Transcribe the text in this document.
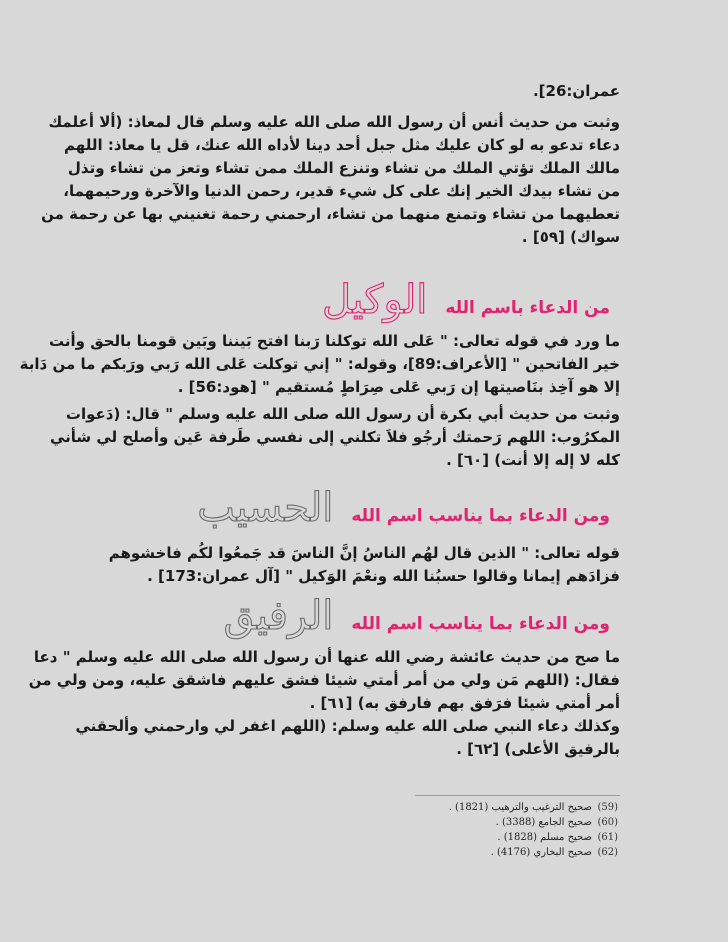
عمران:26].
وثبت من حديث أنس أن رسول الله صلى الله عليه وسلم قال لمعاذ: (ألا أعلمك
دعاء تدعو به لو كان عليك مثل جبل أحد دينا لأداه الله عنك، قل يا معاذ: اللهم
مالك الملك تؤتي الملك من تشاء وتنزع الملك ممن تشاء وتعز من تشاء وتذل
من تشاء بيدك الخير إنك على كل شيء قدير، رحمن الدنيا والآخرة ورحيمهما،
تعطيهما من تشاء وتمنع منهما من تشاء، ارحمني رحمة تغنيني بها عن رحمة من
سواك) [٥٩] .
من الدعاء باسم الله
الوكيل
ما ورد في قوله تعالى: " عَلى الله توكلنا رَبنا افتح بَيننا وبَين قومنا بالحق وأنت
خير الفاتحين " [الأعراف:89]، وقوله: " إني توكلت عَلى الله رَبي ورَبكم ما من دَابة
إلا هو آخِذ بنَاصيتها إن رَبي عَلى صِرَاطٍ مُستقيم " [هود:56] .
وثبت من حديث أبي بكرة أن رسول الله صلى الله عليه وسلم " قال: (دَعوات
المكرُوب: اللهم رَحمتك أرجُو فلاَ تكلني إلى نفسي طَرفة عَين وأصلح لي شأني
كله لا إله إلا أنت) [٦٠] .
ومن الدعاء بما يناسب اسم الله
الحسيب
قوله تعالى: " الذين قال لهُم الناسُ إنَّ الناسَ قد جَمعُوا لكُم فاخشوهم
فزادَهم إيمانا وقالوا حسبُنا الله ونعْمَ الوَكيل " [آل عمران:173] .
ومن الدعاء بما يناسب اسم الله
الرفيق
ما صح من حديث عائشة رضي الله عنها أن رسول الله صلى الله عليه وسلم " دعا
فقال: (اللهم مَن ولي من أمر أمتي شيئا فشق عليهم فاشقق عليه، ومن ولي من
أمر أمتي شيئا فرَفق بهم فارفق به) [٦١] .
وكذلك دعاء النبي صلى الله عليه وسلم: (اللهم اغفر لي وارحمني وألحقني
بالرفيق الأعلى) [٦٢] .
(59)
صحيح الترغيب والترهيب (1821) .
(60)
صحيح الجامع (3388) .
(61)
صحيح مسلم (1828) .
(62)
صحيح البخاري (4176) .
